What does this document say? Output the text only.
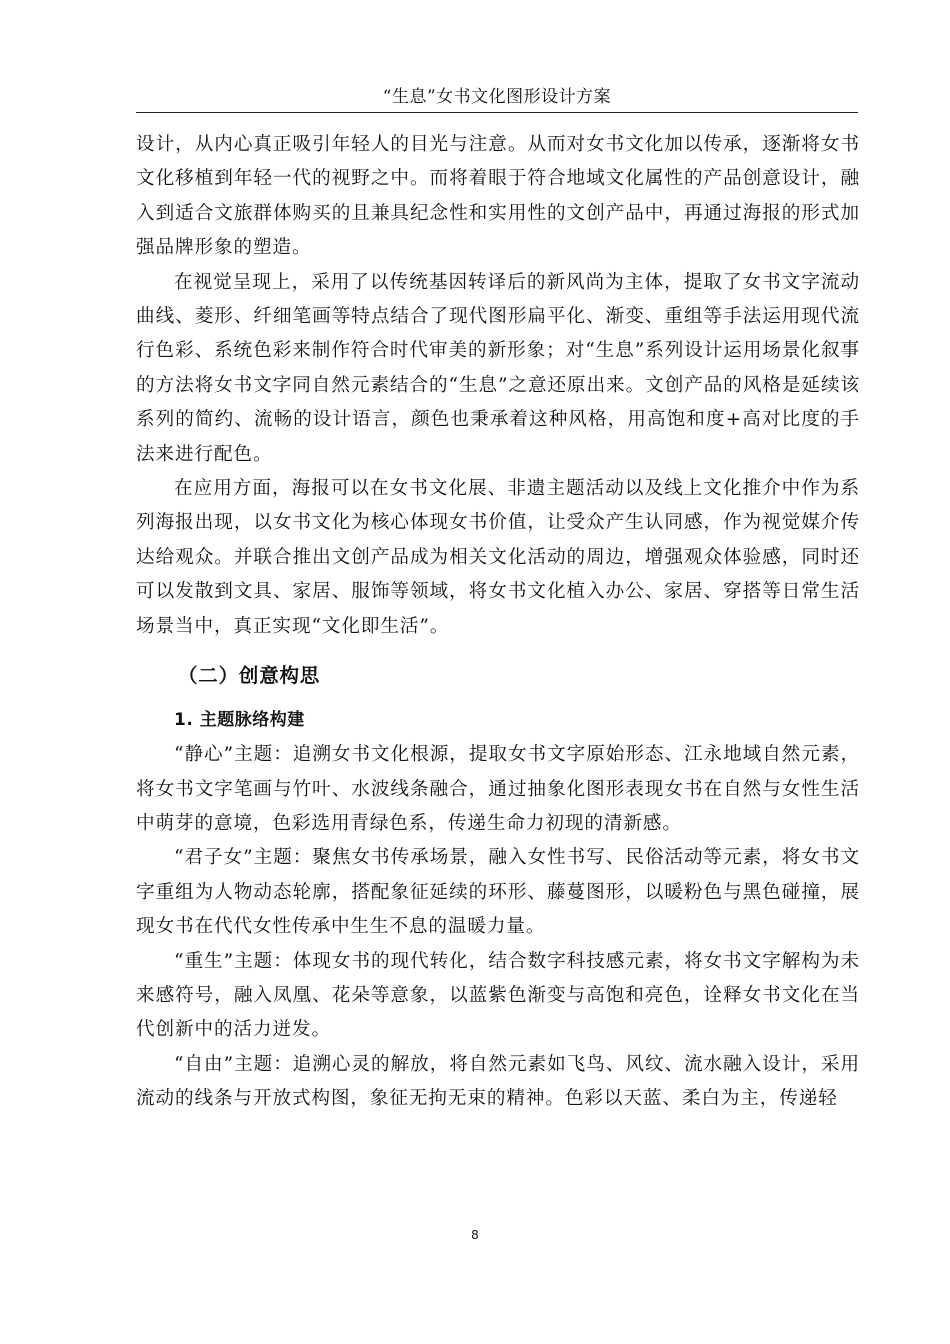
“生息”女书文化图形设计方案

设计，从内心真正吸引年轻人的目光与注意。从而对女书文化加以传承，逐渐将女书文化移植到年轻一代的视野之中。而将着眼于符合地域文化属性的产品创意设计，融入到适合文旅群体购买的且兼具纪念性和实用性的文创产品中，再通过海报的形式加强品牌形象的塑造。

在视觉呈现上，采用了以传统基因转译后的新风尚为主体，提取了女书文字流动曲线、菱形、纤细笔画等特点结合了现代图形扁平化、渐变、重组等手法运用现代流行色彩、系统色彩来制作符合时代审美的新形象；对“生息”系列设计运用场景化叙事的方法将女书文字同自然元素结合的“生息”之意还原出来。文创产品的风格是延续该系列的简约、流畅的设计语言，颜色也秉承着这种风格，用高饱和度+高对比度的手法来进行配色。

在应用方面，海报可以在女书文化展、非遗主题活动以及线上文化推介中作为系列海报出现，以女书文化为核心体现女书价值，让受众产生认同感，作为视觉媒介传达给观众。并联合推出文创产品成为相关文化活动的周边，增强观众体验感，同时还可以发散到文具、家居、服饰等领域，将女书文化植入办公、家居、穿搭等日常生活场景当中，真正实现“文化即生活”。

（二）创意构思
1. 主题脉络构建

“静心”主题：追溯女书文化根源，提取女书文字原始形态、江永地域自然元素，将女书文字笔画与竹叶、水波线条融合，通过抽象化图形表现女书在自然与女性生活中萌芽的意境，色彩选用青绿色系，传递生命力初现的清新感。

“君子女”主题：聚焦女书传承场景，融入女性书写、民俗活动等元素，将女书文字重组为人物动态轮廓，搭配象征延续的环形、藤蔓图形，以暖粉色与黑色碰撞，展现女书在代代女性传承中生生不息的温暖力量。

“重生”主题：体现女书的现代转化，结合数字科技感元素，将女书文字解构为未来感符号，融入凤凰、花朵等意象，以蓝紫色渐变与高饱和亮色，诠释女书文化在当代创新中的活力迸发。

“自由”主题：追溯心灵的解放，将自然元素如飞鸟、风纹、流水融入设计，采用流动的线条与开放式构图，象征无拘无束的精神。色彩以天蓝、柔白为主，传递轻

8
